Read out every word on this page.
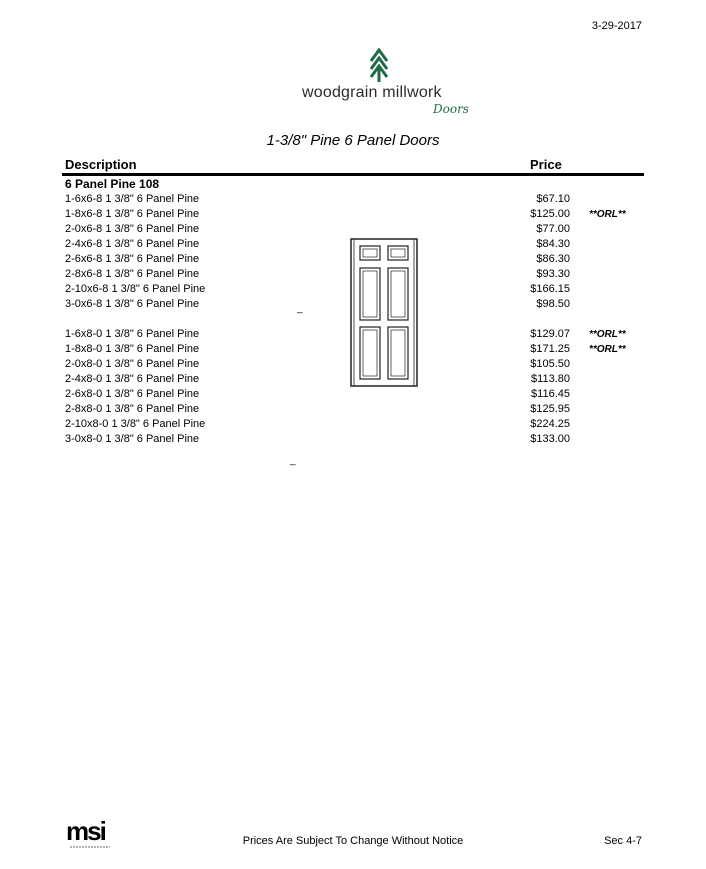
3-29-2017
woodgrain millwork
Doors
1-3/8" Pine 6 Panel Doors
Description	Price
6 Panel Pine 108
1-6x6-8 1 3/8" 6 Panel Pine	$67.10
1-8x6-8 1 3/8" 6 Panel Pine	$125.00 **ORL**
2-0x6-8 1 3/8" 6 Panel Pine	$77.00
2-4x6-8 1 3/8" 6 Panel Pine	$84.30
2-6x6-8 1 3/8" 6 Panel Pine	$86.30
2-8x6-8 1 3/8" 6 Panel Pine	$93.30
2-10x6-8 1 3/8" 6 Panel Pine	$166.15
3-0x6-8 1 3/8" 6 Panel Pine	$98.50
1-6x8-0 1 3/8" 6 Panel Pine	$129.07 **ORL**
1-8x8-0 1 3/8" 6 Panel Pine	$171.25 **ORL**
2-0x8-0 1 3/8" 6 Panel Pine	$105.50
2-4x8-0 1 3/8" 6 Panel Pine	$113.80
2-6x8-0 1 3/8" 6 Panel Pine	$116.45
2-8x8-0 1 3/8" 6 Panel Pine	$125.95
2-10x8-0 1 3/8" 6 Panel Pine	$224.25
3-0x8-0 1 3/8" 6 Panel Pine	$133.00
_
_
msi	Prices Are Subject To Change Without Notice	Sec 4-7
